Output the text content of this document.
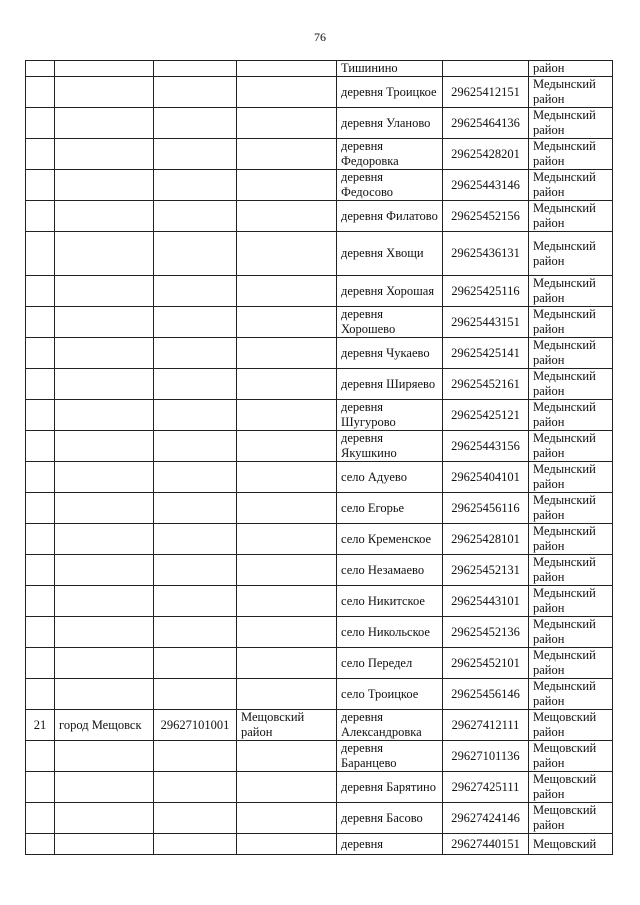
76
				Тишинино		район
				деревня Троицкое	29625412151	Медынский район
				деревня Уланово	29625464136	Медынский район
				деревня Федоровка	29625428201	Медынский район
				деревня Федосово	29625443146	Медынский район
				деревня Филатово	29625452156	Медынский район
				деревня Хвощи	29625436131	Медынский район
				деревня Хорошая	29625425116	Медынский район
				деревня Хорошево	29625443151	Медынский район
				деревня Чукаево	29625425141	Медынский район
				деревня Ширяево	29625452161	Медынский район
				деревня Шугурово	29625425121	Медынский район
				деревня Якушкино	29625443156	Медынский район
				село Адуево	29625404101	Медынский район
				село Егорье	29625456116	Медынский район
				село Кременское	29625428101	Медынский район
				село Незамаево	29625452131	Медынский район
				село Никитское	29625443101	Медынский район
				село Никольское	29625452136	Медынский район
				село Передел	29625452101	Медынский район
				село Троицкое	29625456146	Медынский район
21	город Мещовск	29627101001	Мещовский район	деревня Александровка	29627412111	Мещовский район
				деревня Баранцево	29627101136	Мещовский район
				деревня Барятино	29627425111	Мещовский район
				деревня Басово	29627424146	Мещовский район
				деревня	29627440151	Мещовский
